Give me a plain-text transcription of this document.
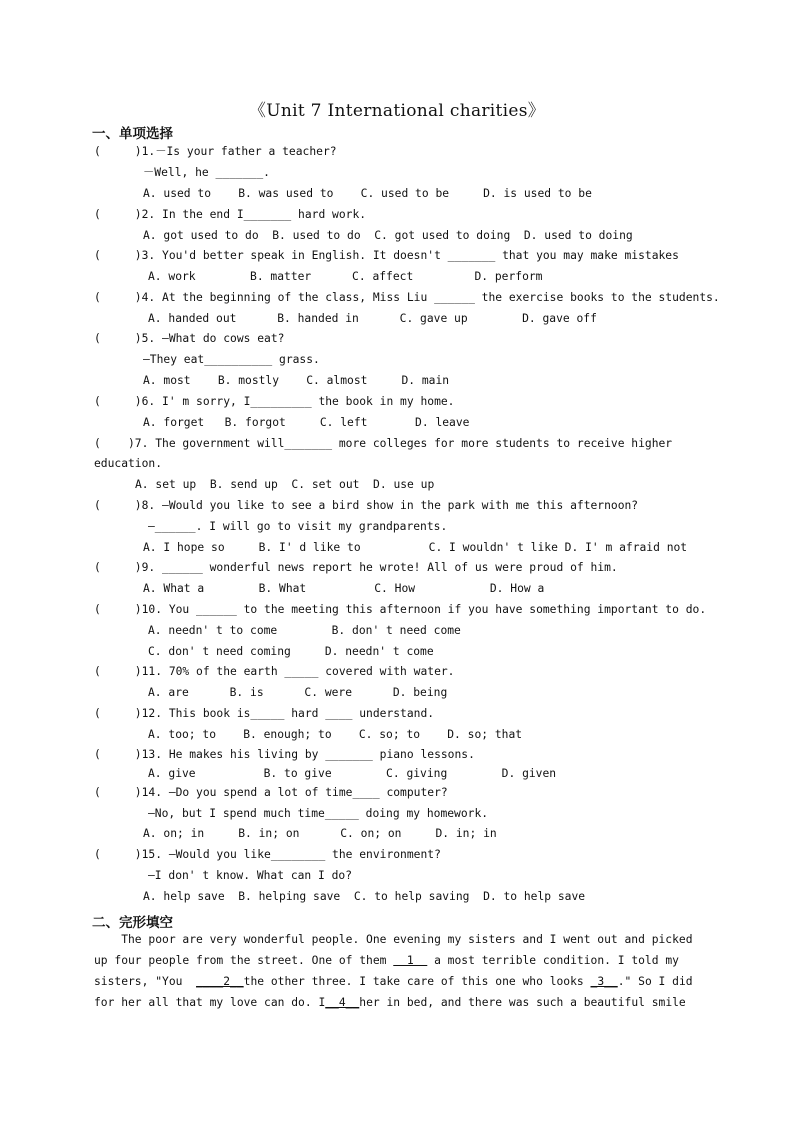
《Unit 7 International charities》
一、单项选择
(     )1.－Is your father a teacher?
－Well, he _______.
A. used to    B. was used to    C. used to be     D. is used to be
(     )2. In the end I_______ hard work.
A. got used to do  B. used to do  C. got used to doing  D. used to doing
(     )3. You'd better speak in English. It doesn't _______ that you may make mistakes
A. work        B. matter      C. affect         D. perform
(     )4. At the beginning of the class, Miss Liu ______ the exercise books to the students.
A. handed out      B. handed in      C. gave up        D. gave off
(     )5. —What do cows eat?
—They eat__________ grass.
A. most    B. mostly    C. almost     D. main
(     )6. I' m sorry, I_________ the book in my home.
A. forget   B. forgot     C. left       D. leave
(    )7. The government will_______ more colleges for more students to receive higher
education.
A. set up  B. send up  C. set out  D. use up
(     )8. —Would you like to see a bird show in the park with me this afternoon?
—______. I will go to visit my grandparents.
A. I hope so     B. I' d like to          C. I wouldn' t like D. I' m afraid not
(     )9. ______ wonderful news report he wrote! All of us were proud of him.
A. What a        B. What          C. How           D. How a
(     )10. You ______ to the meeting this afternoon if you have something important to do.
A. needn' t to come        B. don' t need come
C. don' t need coming     D. needn' t come
(     )11. 70% of the earth _____ covered with water.
A. are      B. is      C. were      D. being
(     )12. This book is_____ hard ____ understand.
A. too; to    B. enough; to    C. so; to    D. so; that
(     )13. He makes his living by _______ piano lessons.
A. give          B. to give        C. giving        D. given
(     )14. —Do you spend a lot of time____ computer?
—No, but I spend much time_____ doing my homework.
A. on; in     B. in; on      C. on; on     D. in; in
(     )15. —Would you like________ the environment?
—I don' t know. What can I do?
A. help save  B. helping save  C. to help saving  D. to help save
二、完形填空
The poor are very wonderful people. One evening my sisters and I went out and picked
up four people from the street. One of them   1   a most terrible condition. I told my
sisters, "You  ____2__the other three. I take care of this one who looks _3__." So I did
for her all that my love can do. I__4__her in bed, and there was such a beautiful smile
